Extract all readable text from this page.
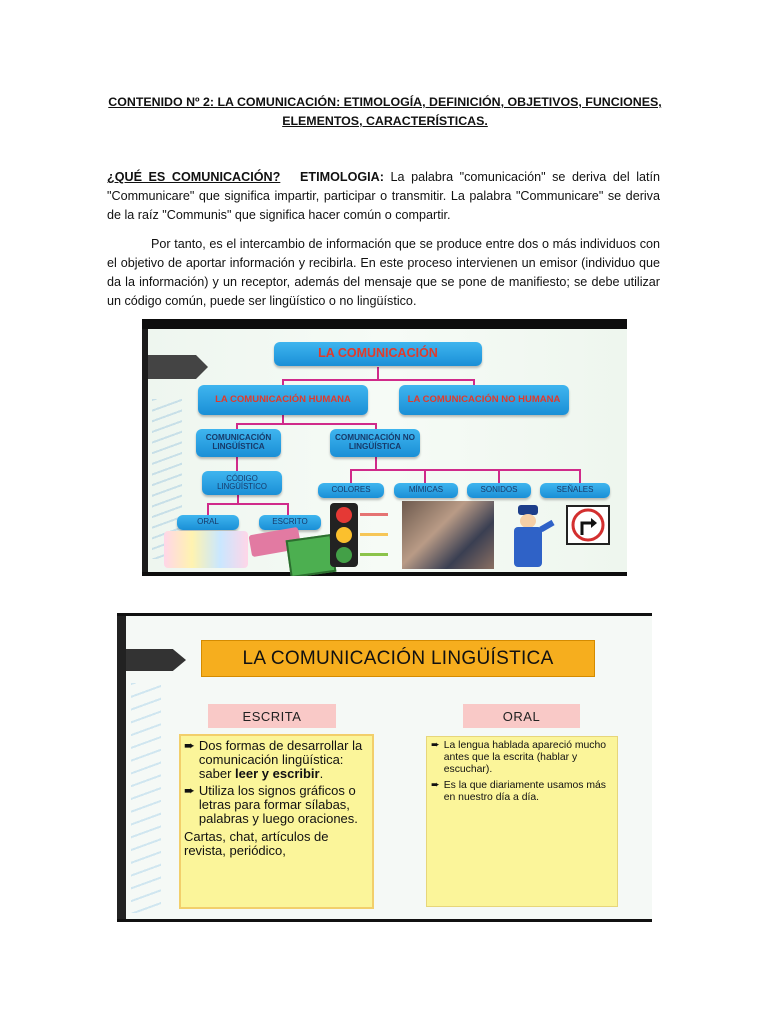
CONTENIDO Nº 2: LA COMUNICACIÓN: ETIMOLOGÍA, DEFINICIÓN, OBJETIVOS, FUNCIONES, ELEMENTOS, CARACTERÍSTICAS.
¿QUÉ ES COMUNICACIÓN? ETIMOLOGIA: La palabra "comunicación" se deriva del latín "Communicare" que significa impartir, participar o transmitir. La palabra "Communicare" se deriva de la raíz "Communis" que significa hacer común o compartir.
Por tanto, es el intercambio de información que se produce entre dos o más individuos con el objetivo de aportar información y recibirla. En este proceso intervienen un emisor (individuo que da la información) y un receptor, además del mensaje que se pone de manifiesto; se debe utilizar un código común, puede ser lingüístico o no lingüístico.
LA COMUNICACIÓN
LA COMUNICACIÓN HUMANA	LA COMUNICACIÓN NO HUMANA
COMUNICACIÓN LINGÜÍSTICA
COMUNICACIÓN NO LINGÜÍSTICA
CÓDIGO LINGÜÍSTICO	COLORES	MÍMICAS	SONIDOS	SEÑALES
ORAL	ESCRITO
LA COMUNICACIÓN LINGÜÍSTICA
ESCRITA	ORAL
➨ Dos formas de desarrollar la comunicación lingüística: saber leer y escribir.
➨ Utiliza los signos gráficos o letras para formar sílabas, palabras y luego oraciones.
Cartas, chat, artículos de revista, periódico,
➨ La lengua hablada apareció mucho antes que la escrita (hablar y escuchar).
➨ Es la que diariamente usamos más en nuestro día a día.
